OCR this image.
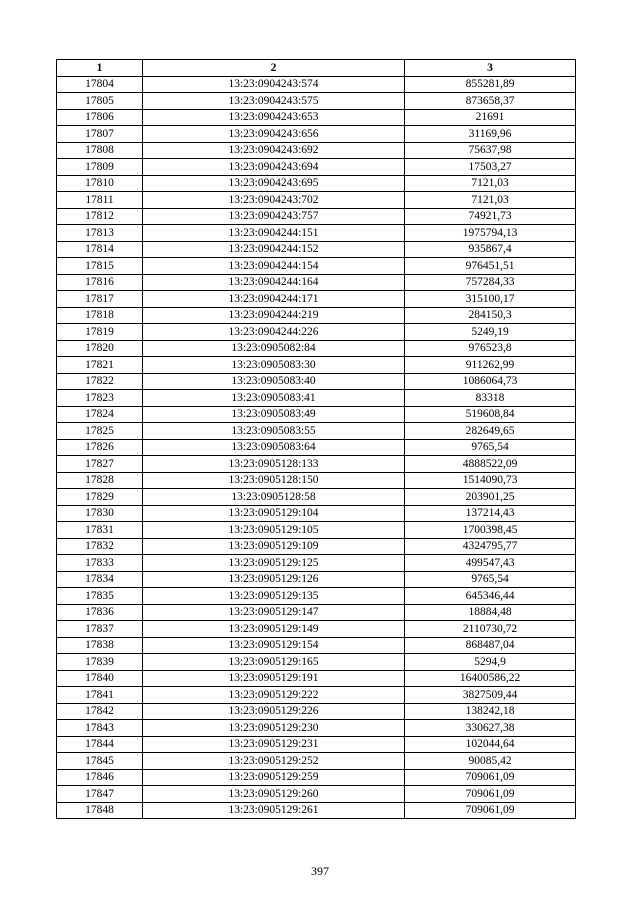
1	2	3
17804	13:23:0904243:574	855281,89
17805	13:23:0904243:575	873658,37
17806	13:23:0904243:653	21691
17807	13:23:0904243:656	31169,96
17808	13:23:0904243:692	75637,98
17809	13:23:0904243:694	17503,27
17810	13:23:0904243:695	7121,03
17811	13:23:0904243:702	7121,03
17812	13:23:0904243:757	74921,73
17813	13:23:0904244:151	1975794,13
17814	13:23:0904244:152	935867,4
17815	13:23:0904244:154	976451,51
17816	13:23:0904244:164	757284,33
17817	13:23:0904244:171	315100,17
17818	13:23:0904244:219	284150,3
17819	13:23:0904244:226	5249,19
17820	13:23:0905082:84	976523,8
17821	13:23:0905083:30	911262,99
17822	13:23:0905083:40	1086064,73
17823	13:23:0905083:41	83318
17824	13:23:0905083:49	519608,84
17825	13:23:0905083:55	282649,65
17826	13:23:0905083:64	9765,54
17827	13:23:0905128:133	4888522,09
17828	13:23:0905128:150	1514090,73
17829	13:23:0905128:58	203901,25
17830	13:23:0905129:104	137214,43
17831	13:23:0905129:105	1700398,45
17832	13:23:0905129:109	4324795,77
17833	13:23:0905129:125	499547,43
17834	13:23:0905129:126	9765,54
17835	13:23:0905129:135	645346,44
17836	13:23:0905129:147	18884,48
17837	13:23:0905129:149	2110730,72
17838	13:23:0905129:154	868487,04
17839	13:23:0905129:165	5294,9
17840	13:23:0905129:191	16400586,22
17841	13:23:0905129:222	3827509,44
17842	13:23:0905129:226	138242,18
17843	13:23:0905129:230	330627,38
17844	13:23:0905129:231	102044,64
17845	13:23:0905129:252	90085,42
17846	13:23:0905129:259	709061,09
17847	13:23:0905129:260	709061,09
17848	13:23:0905129:261	709061,09
397
